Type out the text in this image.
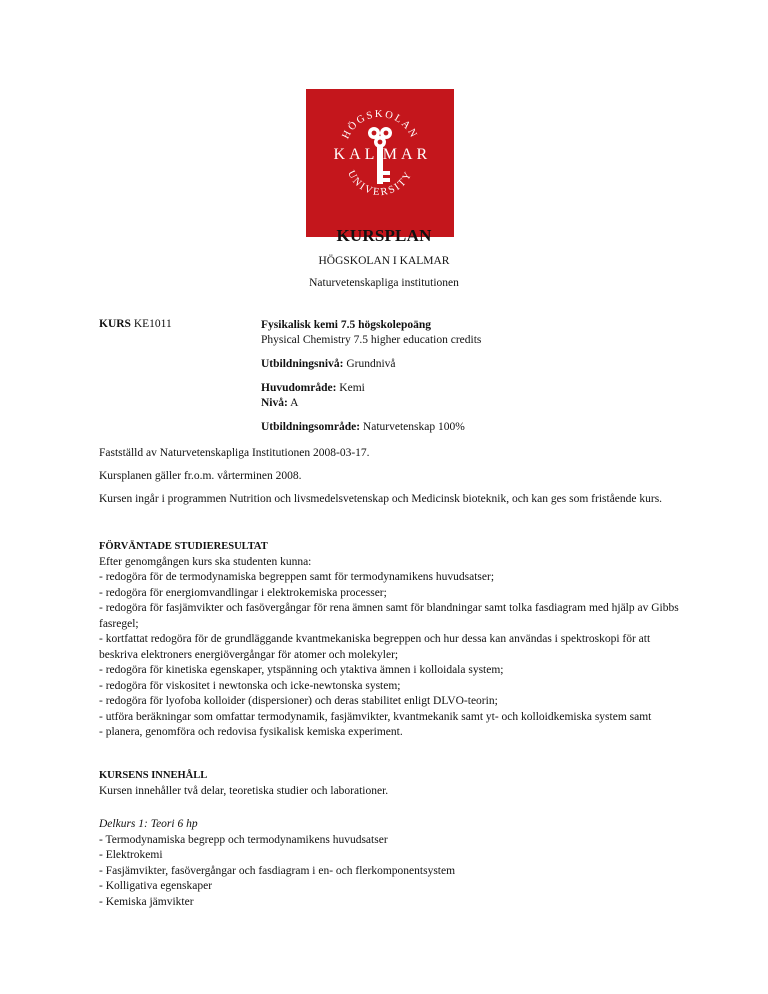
HÖGSKOLAN
UNIVERSITY
KAL MAR
KURSPLAN
HÖGSKOLAN I KALMAR
Naturvetenskapliga institutionen
KURS KE1011	Fysikalisk kemi 7.5 högskolepoäng
Physical Chemistry 7.5 higher education credits
Utbildningsnivå: Grundnivå
Huvudområde: Kemi
Nivå: A
Utbildningsområde: Naturvetenskap 100%
Fastställd av Naturvetenskapliga Institutionen 2008-03-17.
Kursplanen gäller fr.o.m. vårterminen 2008.
Kursen ingår i programmen Nutrition och livsmedelsvetenskap och Medicinsk bioteknik, och kan ges som fristående kurs.
FÖRVÄNTADE STUDIERESULTAT
Efter genomgången kurs ska studenten kunna:
- redogöra för de termodynamiska begreppen samt för termodynamikens huvudsatser;
- redogöra för energiomvandlingar i elektrokemiska processer;
- redogöra för fasjämvikter och fasövergångar för rena ämnen samt för blandningar samt tolka fasdiagram med hjälp av Gibbs fasregel;
- kortfattat redogöra för de grundläggande kvantmekaniska begreppen och hur dessa kan användas i spektroskopi för att beskriva elektroners energiövergångar för atomer och molekyler;
- redogöra för kinetiska egenskaper, ytspänning och yt​aktiva ämnen i kolloidala system;
- redogöra för viskositet i newtonska och icke-newtonska system;
- redogöra för lyofoba kolloider (dispersioner) och deras stabilitet enligt DLVO-teorin;
- utföra beräkningar som omfattar termodynamik, fasjämvikter, kvantmekanik samt yt- och kolloidkemiska system samt
- planera, genomföra och redovisa fysikalisk kemiska experiment.
KURSENS INNEHÅLL
Kursen innehåller två delar, teoretiska studier och laborationer.
Delkurs 1: Teori 6 hp
- Termodynamiska begrepp och termodynamikens huvudsatser
- Elektrokemi
- Fasjämvikter, fasövergångar och fasdiagram i en- och flerkomponentsystem
- Kolligativa egenskaper
- Kemiska jämvikter
